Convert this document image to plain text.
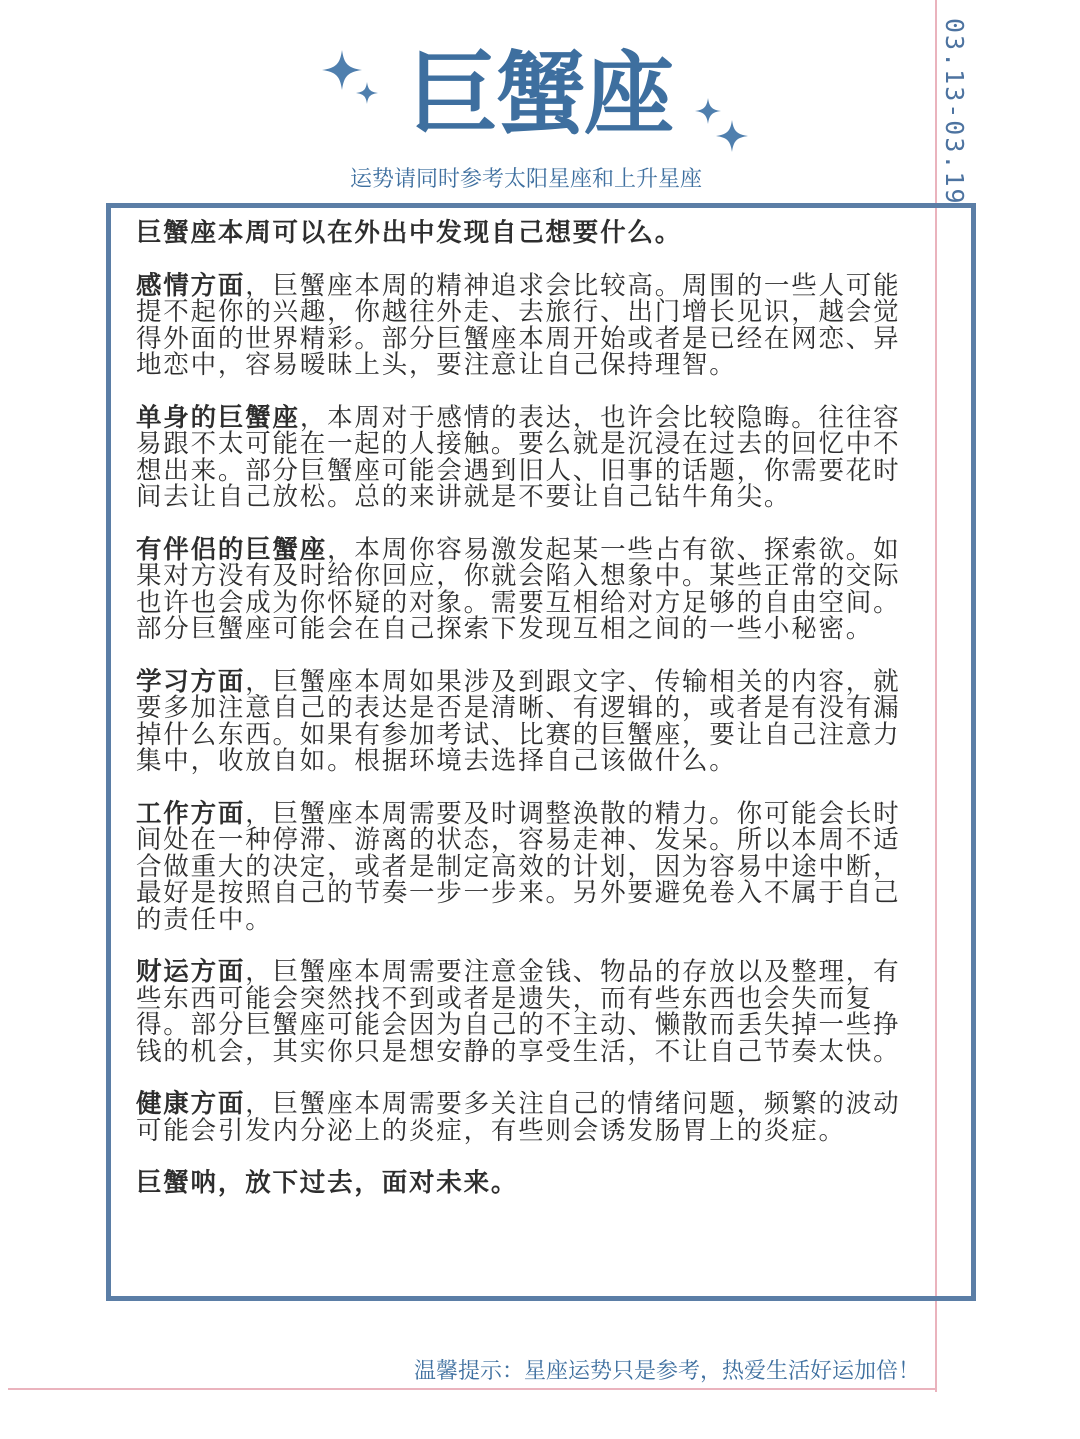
03.13-03.19
巨蟹座
运势请同时参考太阳星座和上升星座

巨蟹座本周可以在外出中发现自己想要什么。

感情方面，巨蟹座本周的精神追求会比较高。周围的一些人可能提不起你的兴趣，你越往外走、去旅行、出门增长见识，越会觉得外面的世界精彩。部分巨蟹座本周开始或者是已经在网恋、异地恋中，容易暧昧上头，要注意让自己保持理智。

单身的巨蟹座，本周对于感情的表达，也许会比较隐晦。往往容易跟不太可能在一起的人接触。要么就是沉浸在过去的回忆中不想出来。部分巨蟹座可能会遇到旧人、旧事的话题，你需要花时间去让自己放松。总的来讲就是不要让自己钻牛角尖。

有伴侣的巨蟹座，本周你容易激发起某一些占有欲、探索欲。如果对方没有及时给你回应，你就会陷入想象中。某些正常的交际也许也会成为你怀疑的对象。需要互相给对方足够的自由空间。部分巨蟹座可能会在自己探索下发现互相之间的一些小秘密。

学习方面，巨蟹座本周如果涉及到跟文字、传输相关的内容，就要多加注意自己的表达是否是清晰、有逻辑的，或者是有没有漏掉什么东西。如果有参加考试、比赛的巨蟹座，要让自己注意力集中，收放自如。根据环境去选择自己该做什么。

工作方面，巨蟹座本周需要及时调整涣散的精力。你可能会长时间处在一种停滞、游离的状态，容易走神、发呆。所以本周不适合做重大的决定，或者是制定高效的计划，因为容易中途中断，最好是按照自己的节奏一步一步来。另外要避免卷入不属于自己的责任中。

财运方面，巨蟹座本周需要注意金钱、物品的存放以及整理，有些东西可能会突然找不到或者是遗失，而有些东西也会失而复得。部分巨蟹座可能会因为自己的不主动、懒散而丢失掉一些挣钱的机会，其实你只是想安静的享受生活，不让自己节奏太快。

健康方面，巨蟹座本周需要多关注自己的情绪问题，频繁的波动可能会引发内分泌上的炎症，有些则会诱发肠胃上的炎症。

巨蟹呐，放下过去，面对未来。

温馨提示：星座运势只是参考，热爱生活好运加倍！
